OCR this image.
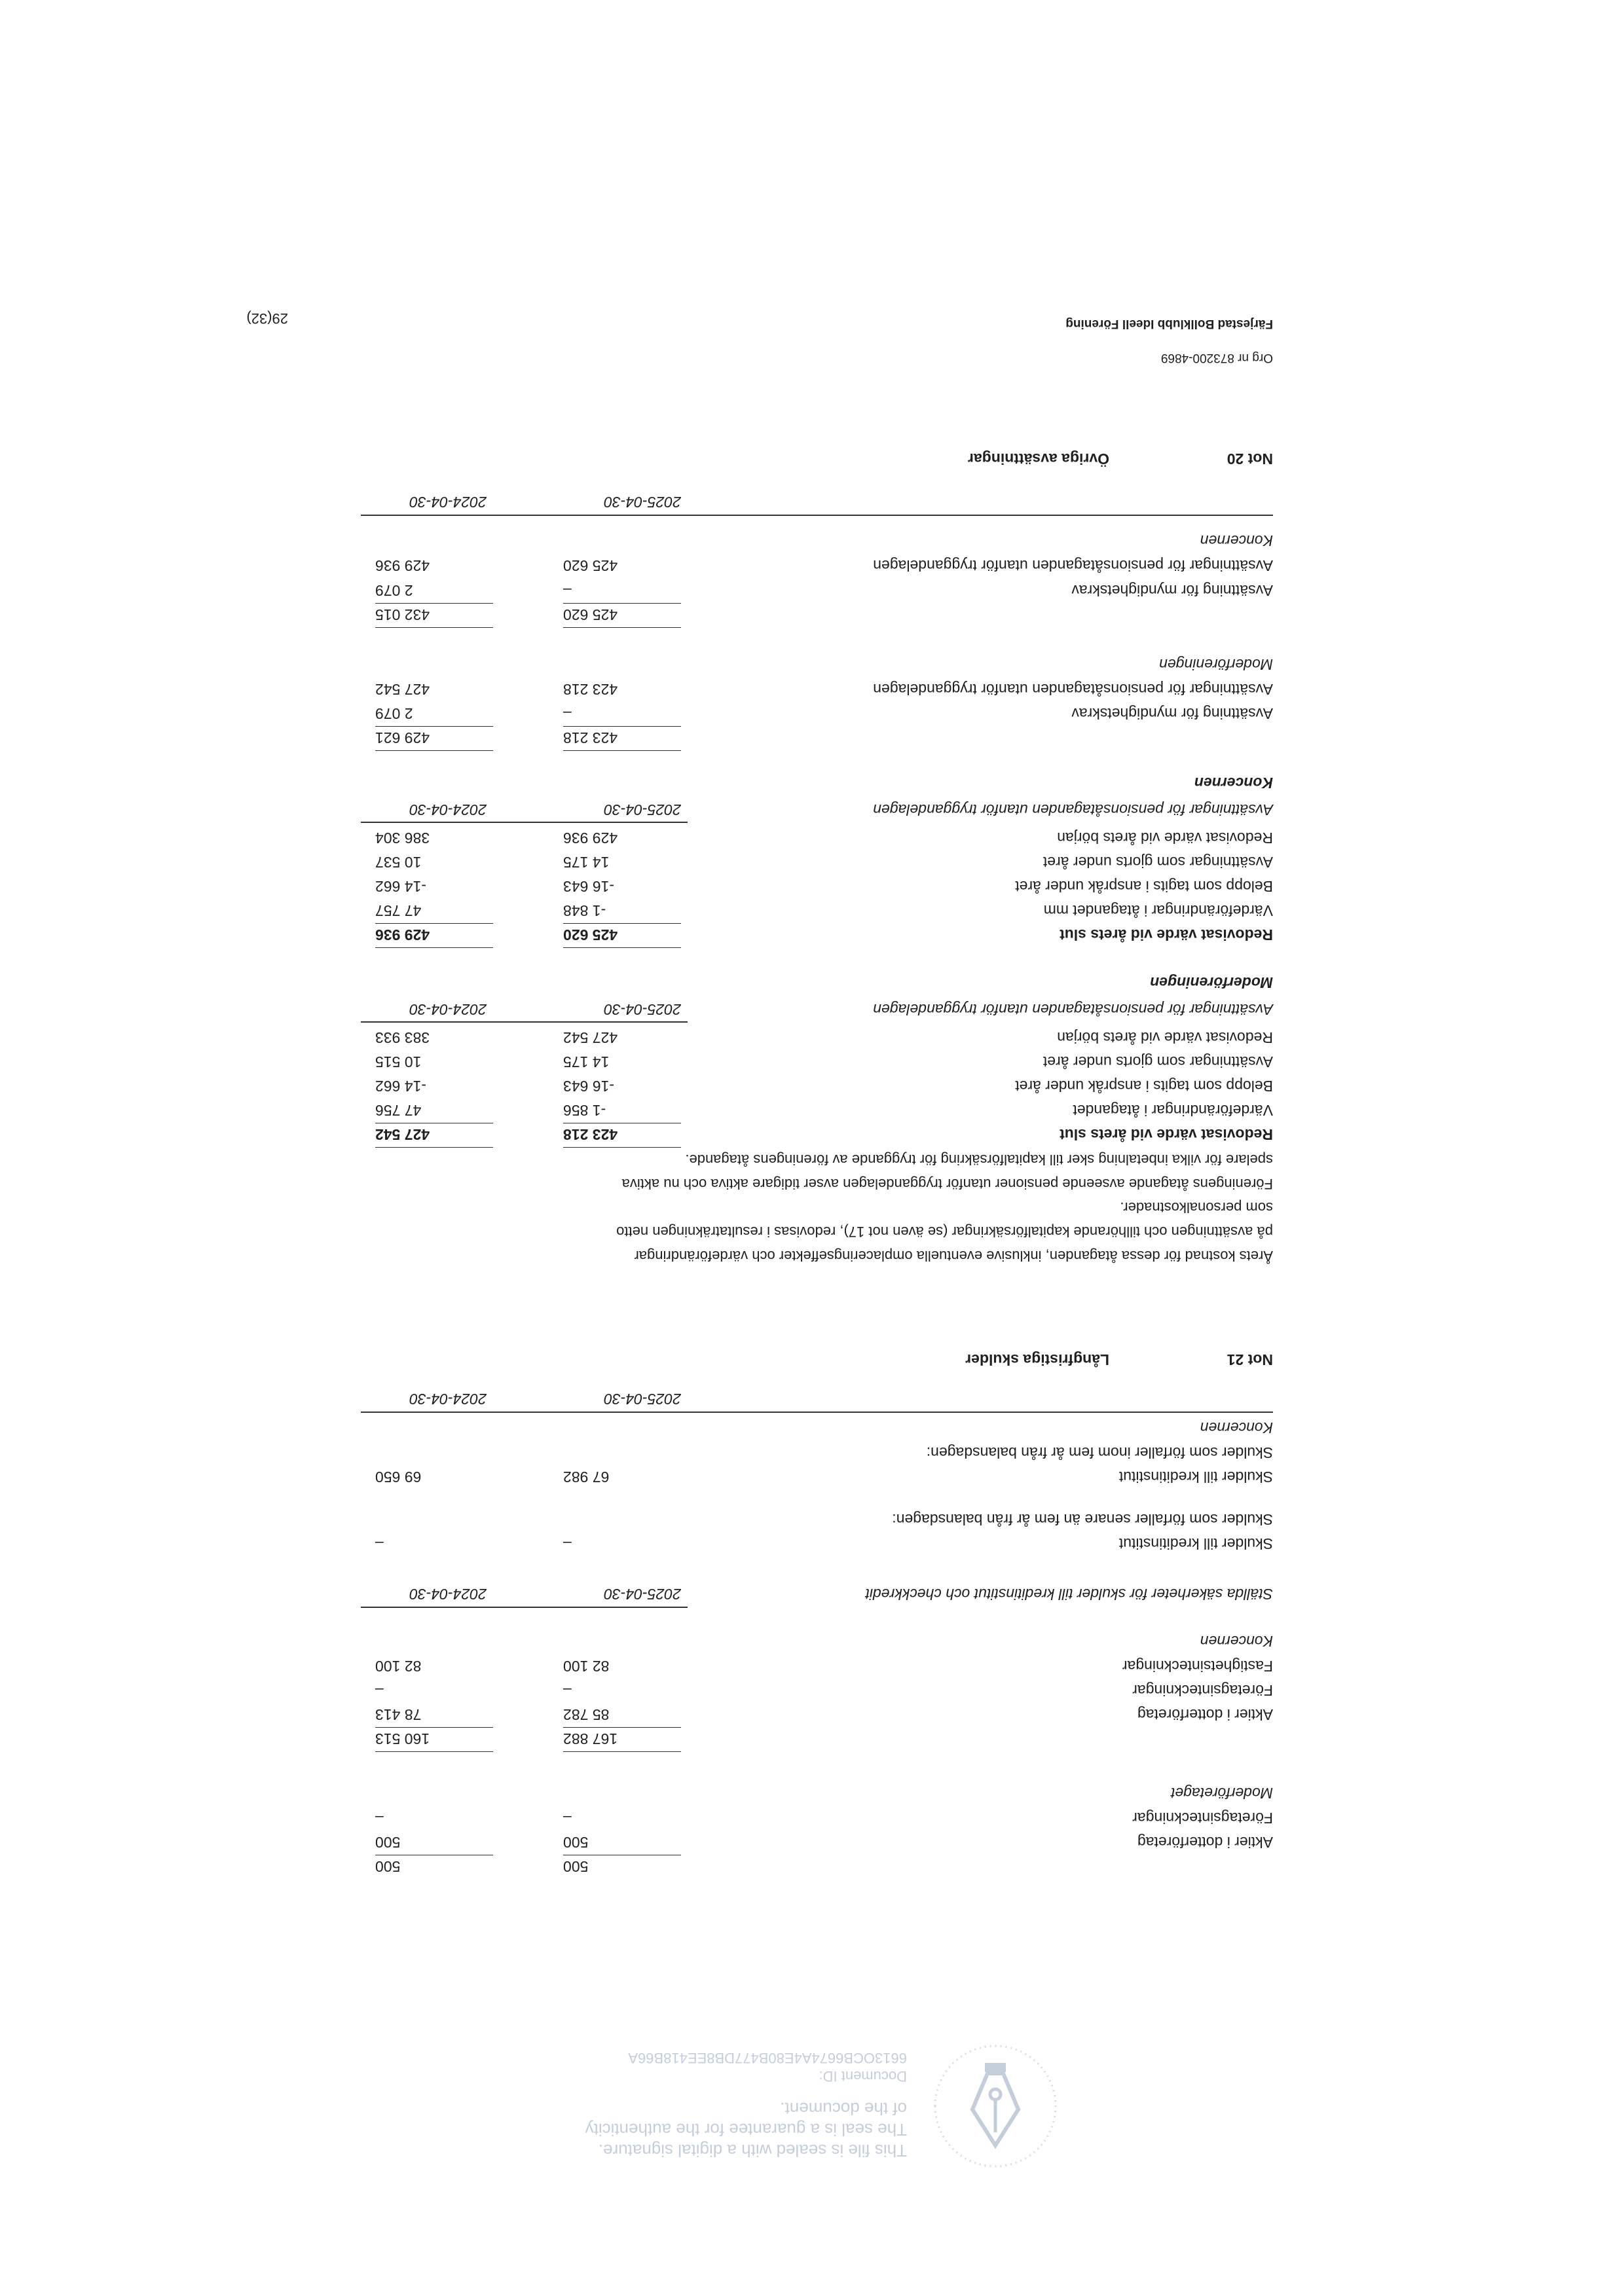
29(32)	Färjestad Bollklubb Ideell Förening
Org nr 873200-4869
Not 20
Övriga avsättningar
2025-04-30
2024-04-30
Koncernen
Avsättningar för pensionsåtaganden utanför tryggandelagen
425 620
429 936
Avsättning för myndighetskrav
–
2 079
425 620
432 015
Moderföreningen
Avsättningar för pensionsåtaganden utanför tryggandelagen
423 218
427 542
Avsättning för myndighetskrav
–
2 079
423 218
429 621
Koncernen
Avsättningar för pensionsåtaganden utanför tryggandelagen
2025-04-30
2024-04-30
Redovisat värde vid årets början
429 936
386 304
Avsättningar som gjorts under året
14 175
10 537
Belopp som tagits i anspråk under året
-16 643
-14 662
Värdeförändringar i åtagandet mm
-1 848
47 757
Redovisat värde vid årets slut
425 620
429 936
Moderföreningen
Avsättningar för pensionsåtaganden utanför tryggandelagen
2025-04-30
2024-04-30
Redovisat värde vid årets början
427 542
383 933
Avsättningar som gjorts under året
14 175
10 515
Belopp som tagits i anspråk under året
-16 643
-14 662
Värdeförändringar i åtagandet
-1 856
47 756
Redovisat värde vid årets slut
423 218
427 542
Föreningens åtagande avseende pensioner utanför tryggandelagen avser tidigare aktiva och nu aktiva
spelare för vilka inbetalning sker till kapitalförsäkring för tryggande av föreningens åtagande.
Årets kostnad för dessa åtaganden, inklusive eventuella omplaceringseffekter och värdeförändringar
på avsättningen och tillhörande kapitalförsäkringar (se även not 17), redovisas i resultaträkningen netto
som personalkostnader.
Not 21
Långfristiga skulder
2025-04-30
2024-04-30
Koncernen
Skulder som förfaller inom fem år från balansdagen:
Skulder till kreditinstitut
67 982
69 650
Skulder som förfaller senare än fem år från balansdagen:
Skulder till kreditinstitut
–
–
Ställda säkerheter för skulder till kreditinstitut och checkkredit
2025-04-30
2024-04-30
Koncernen
Fastighetsinteckningar
82 100
82 100
Företagsinteckningar
–
–
Aktier i dotterföretag
85 782
78 413
167 882
160 513
Moderföretaget
Företagsinteckningar
–
–
Aktier i dotterföretag
500
500
500
500
This file is sealed with a digital signature.
The seal is a guarantee for the authenticity
of the document.
Document ID:
6613OCB6674A4E80B477DB8EE418B66A
